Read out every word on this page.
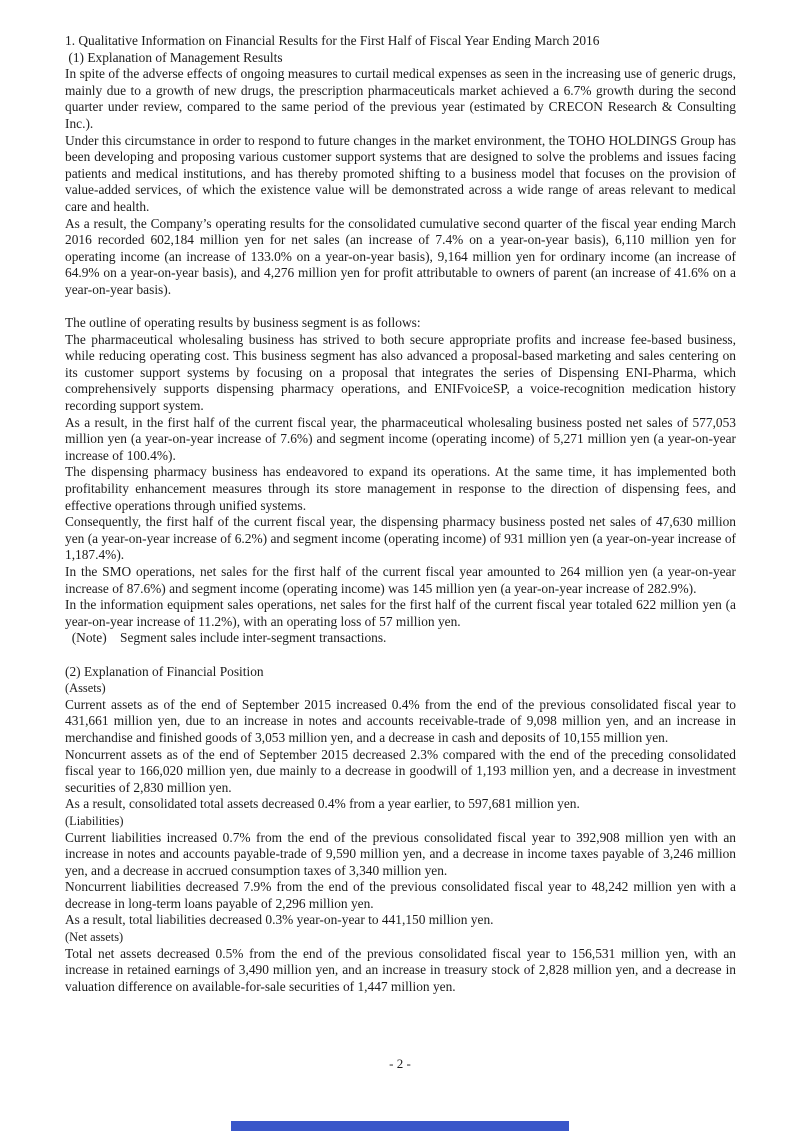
1. Qualitative Information on Financial Results for the First Half of Fiscal Year Ending March 2016
(1) Explanation of Management Results
In spite of the adverse effects of ongoing measures to curtail medical expenses as seen in the increasing use of generic drugs, mainly due to a growth of new drugs, the prescription pharmaceuticals market achieved a 6.7% growth during the second quarter under review, compared to the same period of the previous year (estimated by CRECON Research & Consulting Inc.).
Under this circumstance in order to respond to future changes in the market environment, the TOHO HOLDINGS Group has been developing and proposing various customer support systems that are designed to solve the problems and issues facing patients and medical institutions, and has thereby promoted shifting to a business model that focuses on the provision of value-added services, of which the existence value will be demonstrated across a wide range of areas relevant to medical care and health.
As a result, the Company’s operating results for the consolidated cumulative second quarter of the fiscal year ending March 2016 recorded 602,184 million yen for net sales (an increase of 7.4% on a year-on-year basis), 6,110 million yen for operating income (an increase of 133.0% on a year-on-year basis), 9,164 million yen for ordinary income (an increase of 64.9% on a year-on-year basis), and 4,276 million yen for profit attributable to owners of parent (an increase of 41.6% on a year-on-year basis).
The outline of operating results by business segment is as follows:
The pharmaceutical wholesaling business has strived to both secure appropriate profits and increase fee-based business, while reducing operating cost. This business segment has also advanced a proposal-based marketing and sales centering on its customer support systems by focusing on a proposal that integrates the series of Dispensing ENI-Pharma, which comprehensively supports dispensing pharmacy operations, and ENIFvoiceSP, a voice-recognition medication history recording support system.
As a result, in the first half of the current fiscal year, the pharmaceutical wholesaling business posted net sales of 577,053 million yen (a year-on-year increase of 7.6%) and segment income (operating income) of 5,271 million yen (a year-on-year increase of 100.4%).
The dispensing pharmacy business has endeavored to expand its operations. At the same time, it has implemented both profitability enhancement measures through its store management in response to the direction of dispensing fees, and effective operations through unified systems.
Consequently, the first half of the current fiscal year, the dispensing pharmacy business posted net sales of 47,630 million yen (a year-on-year increase of 6.2%) and segment income (operating income) of 931 million yen (a year-on-year increase of 1,187.4%).
In the SMO operations, net sales for the first half of the current fiscal year amounted to 264 million yen (a year-on-year increase of 87.6%) and segment income (operating income) was 145 million yen (a year-on-year increase of 282.9%).
In the information equipment sales operations, net sales for the first half of the current fiscal year totaled 622 million yen (a year-on-year increase of 11.2%), with an operating loss of 57 million yen.
(Note)    Segment sales include inter-segment transactions.
(2) Explanation of Financial Position
(Assets)
Current assets as of the end of September 2015 increased 0.4% from the end of the previous consolidated fiscal year to 431,661 million yen, due to an increase in notes and accounts receivable-trade of 9,098 million yen, and an increase in merchandise and finished goods of 3,053 million yen, and a decrease in cash and deposits of 10,155 million yen.
Noncurrent assets as of the end of September 2015 decreased 2.3% compared with the end of the preceding consolidated fiscal year to 166,020 million yen, due mainly to a decrease in goodwill of 1,193 million yen, and a decrease in investment securities of 2,830 million yen.
As a result, consolidated total assets decreased 0.4% from a year earlier, to 597,681 million yen.
(Liabilities)
Current liabilities increased 0.7% from the end of the previous consolidated fiscal year to 392,908 million yen with an increase in notes and accounts payable-trade of 9,590 million yen, and a decrease in income taxes payable of 3,246 million yen, and a decrease in accrued consumption taxes of 3,340 million yen.
Noncurrent liabilities decreased 7.9% from the end of the previous consolidated fiscal year to 48,242 million yen with a decrease in long-term loans payable of 2,296 million yen.
As a result, total liabilities decreased 0.3% year-on-year to 441,150 million yen.
(Net assets)
Total net assets decreased 0.5% from the end of the previous consolidated fiscal year to 156,531 million yen, with an increase in retained earnings of 3,490 million yen, and an increase in treasury stock of 2,828 million yen, and a decrease in valuation difference on available-for-sale securities of 1,447 million yen.
- 2 -
